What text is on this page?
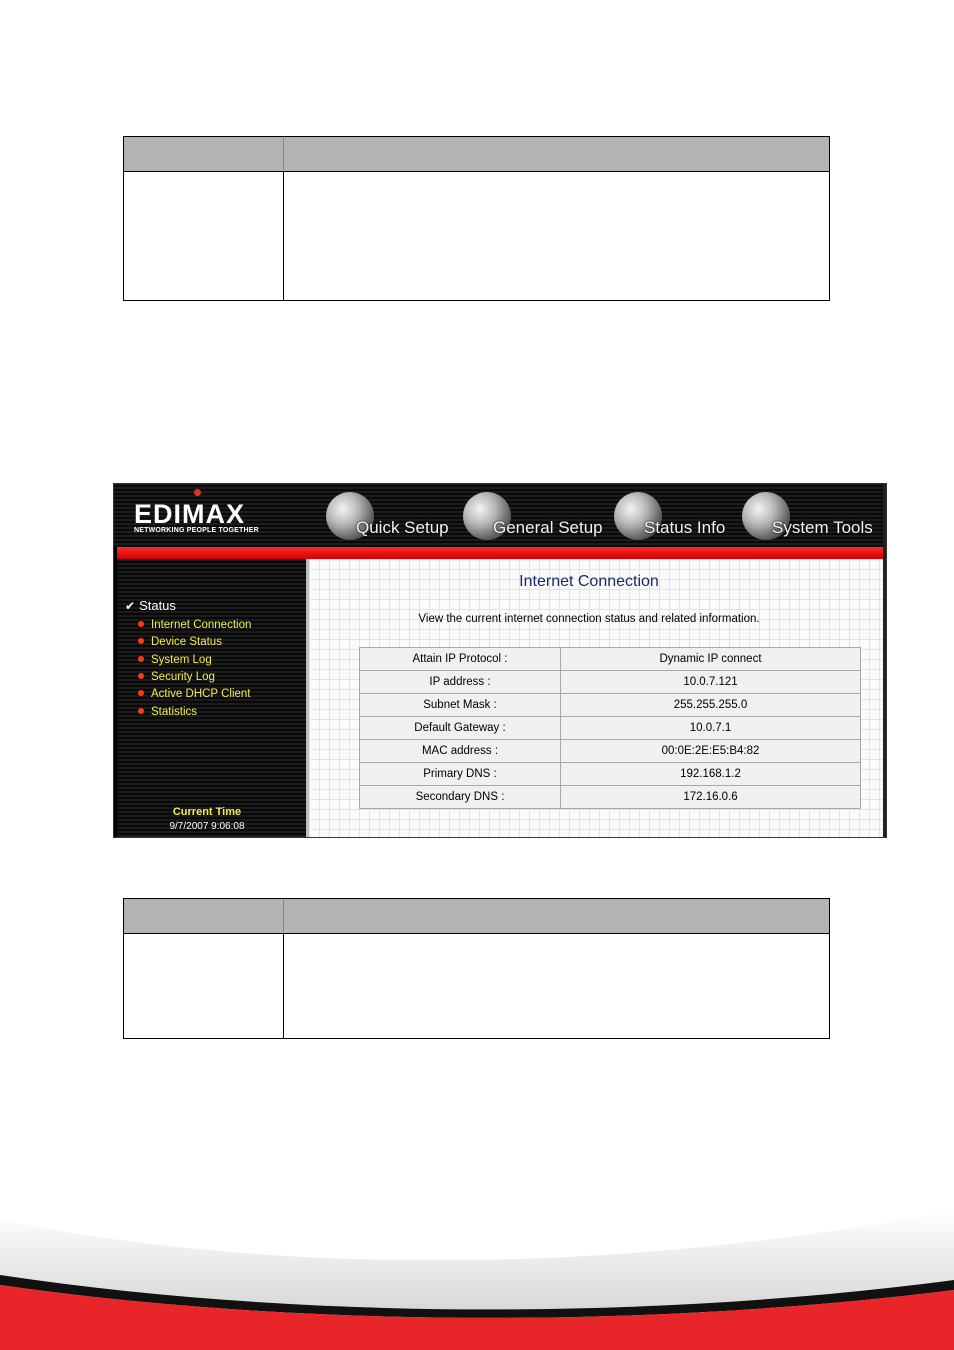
EDIMAX
NETWORKING PEOPLE TOGETHER	Quick Setup	General Setup Status Info	System Tools
✔ Status
Internet Connection
Device Status
System Log
Security Log
Active DHCP Client
Statistics
Current Time
9/7/2007 9:06:08
Internet Connection
View the current internet connection status and related information.
Attain IP Protocol :	Dynamic IP connect
IP address :	10.0.7.121
Subnet Mask :	255.255.255.0
Default Gateway :	10.0.7.1
MAC address :	00:0E:2E:E5:B4:82
Primary DNS :	192.168.1.2
Secondary DNS :	172.16.0.6
